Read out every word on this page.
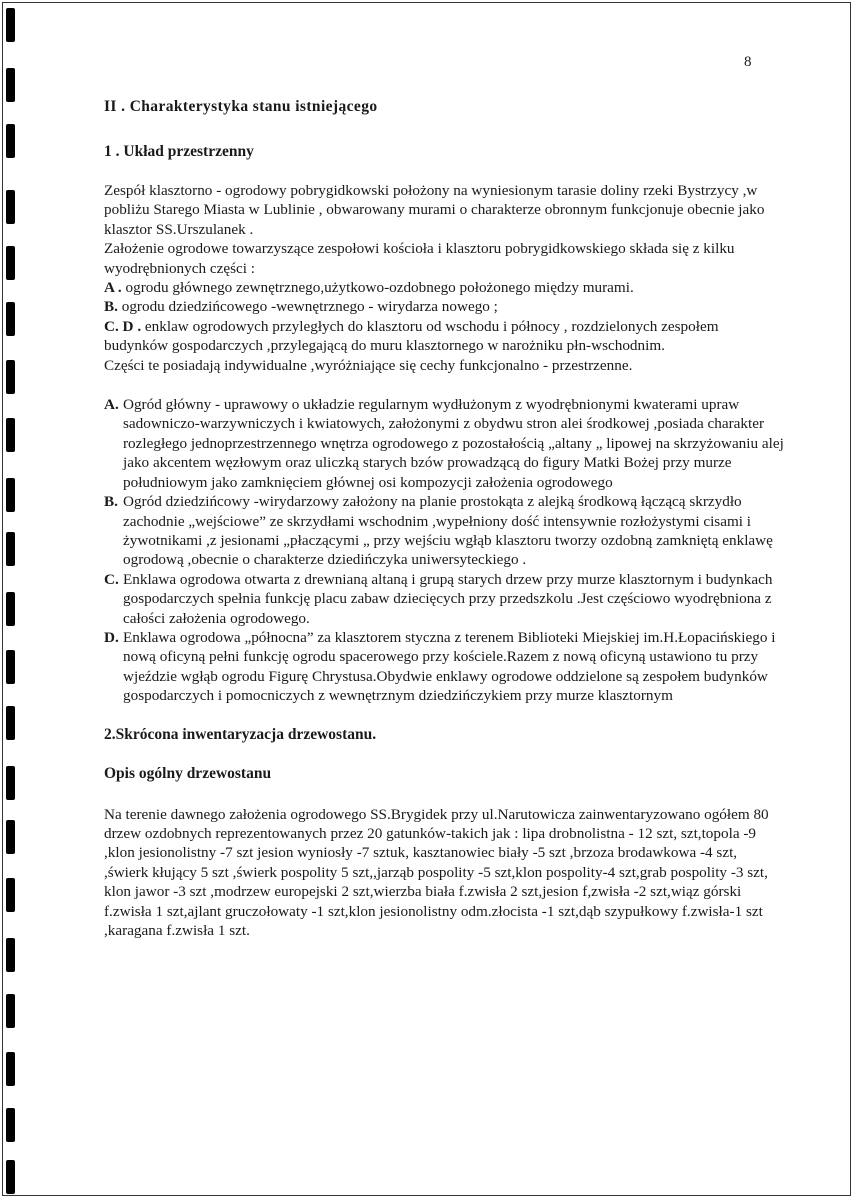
8

II . Charakterystyka stanu istniejącego

1 . Układ przestrzenny

Zespół klasztorno - ogrodowy pobrygidkowski położony na wyniesionym tarasie doliny rzeki Bystrzycy ,w pobliżu Starego Miasta w Lublinie , obwarowany murami o charakterze obronnym funkcjonuje obecnie jako klasztor SS.Urszulanek .

Założenie ogrodowe towarzyszące zespołowi kościoła i klasztoru pobrygidkowskiego składa się z kilku wyodrębnionych części :

A . ogrodu głównego zewnętrznego,użytkowo-ozdobnego położonego między murami.

B. ogrodu dziedzińcowego -wewnętrznego - wirydarza nowego ;

C. D . enklaw ogrodowych przyległych do klasztoru od wschodu i północy , rozdzielonych zespołem budynków gospodarczych ,przylegającą do muru klasztornego w narożniku płn-wschodnim.

Części te posiadają indywidualne ,wyróżniające się cechy funkcjonalno - przestrzenne.

A. Ogród główny - uprawowy o układzie regularnym wydłużonym z wyodrębnionymi kwaterami upraw sadowniczo-warzywniczych i kwiatowych, założonymi z obydwu stron alei środkowej ,posiada charakter rozległego jednoprzestrzennego wnętrza ogrodowego z pozostałością „altany „ lipowej na skrzyżowaniu alej jako akcentem węzłowym oraz uliczką starych bzów prowadzącą do figury Matki Bożej przy murze południowym jako zamknięciem głównej osi kompozycji założenia ogrodowego

B. Ogród dziedzińcowy -wirydarzowy założony na planie prostokąta z alejką środkową łączącą skrzydło zachodnie „wejściowe” ze skrzydłami wschodnim ,wypełniony dość intensywnie rozłożystymi cisami i żywotnikami ,z jesionami „płaczącymi „ przy wejściu wgłąb klasztoru tworzy ozdobną zamkniętą enklawę ogrodową ,obecnie o charakterze dziedińczyka uniwersyteckiego .

C. Enklawa ogrodowa otwarta z drewnianą altaną i grupą starych drzew przy murze klasztornym i budynkach gospodarczych spełnia funkcję placu zabaw dziecięcych przy przedszkolu .Jest częściowo wyodrębniona z całości założenia ogrodowego.

D. Enklawa ogrodowa „północna” za klasztorem styczna z terenem Biblioteki Miejskiej im.H.Łopacińskiego i nową oficyną pełni funkcję ogrodu spacerowego przy kościele.Razem z nową oficyną ustawiono tu przy wjeździe wgłąb ogrodu Figurę Chrystusa.Obydwie enklawy ogrodowe oddzielone są zespołem budynków gospodarczych i pomocniczych z wewnętrznym dziedzińczykiem przy murze klasztornym

2.Skrócona inwentaryzacja drzewostanu.

Opis ogólny drzewostanu

Na terenie dawnego założenia ogrodowego SS.Brygidek przy ul.Narutowicza zainwentaryzowano ogółem 80 drzew ozdobnych reprezentowanych przez 20 gatunków-takich jak : lipa drobnolistna - 12 szt, szt,topola -9 ,klon jesionolistny -7 szt jesion wyniosły -7 sztuk, kasztanowiec biały -5 szt ,brzoza brodawkowa -4 szt, ,świerk kłujący 5 szt ,świerk pospolity 5 szt,,jarząb pospolity -5 szt,klon pospolity-4 szt,grab pospolity -3 szt, klon jawor -3 szt ,modrzew europejski 2 szt,wierzba biała f.zwisła 2 szt,jesion f,zwisła -2 szt,wiąz górski f.zwisła 1 szt,ajlant gruczołowaty -1 szt,klon jesionolistny odm.złocista -1 szt,dąb szypułkowy f.zwisła-1 szt ,karagana f.zwisła 1 szt.
